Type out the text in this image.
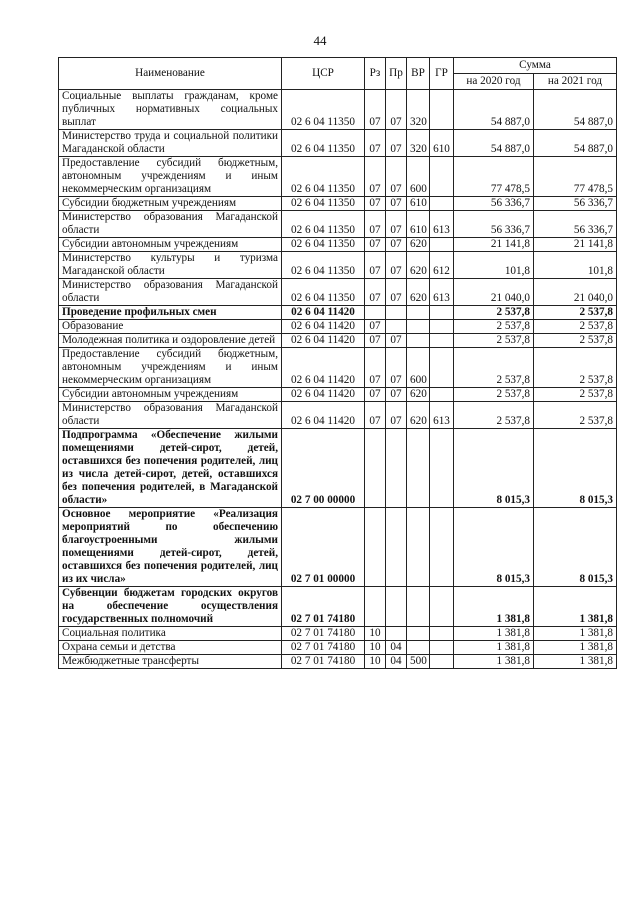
44
Наименование	ЦСР	Рз	Пр	ВР	ГР	Сумма	
						на 2020 год	на 2021 год
Социальные выплаты гражданам, кроме публичных нормативных социальных выплат	02 6 04 11350	07	07	320		54 887,0	54 887,0
Министерство труда и социальной политики Магаданской области	02 6 04 11350	07	07	320	610	54 887,0	54 887,0
Предоставление субсидий бюджетным, автономным учреждениям и иным некоммерческим организациям	02 6 04 11350	07	07	600		77 478,5	77 478,5
Субсидии бюджетным учреждениям	02 6 04 11350	07	07	610		56 336,7	56 336,7
Министерство образования Магаданской области	02 6 04 11350	07	07	610	613	56 336,7	56 336,7
Субсидии автономным учреждениям	02 6 04 11350	07	07	620		21 141,8	21 141,8
Министерство культуры и туризма Магаданской области	02 6 04 11350	07	07	620	612	101,8	101,8
Министерство образования Магаданской области	02 6 04 11350	07	07	620	613	21 040,0	21 040,0
Проведение профильных смен	02 6 04 11420					2 537,8	2 537,8
Образование	02 6 04 11420	07				2 537,8	2 537,8
Молодежная политика и оздоровление детей	02 6 04 11420	07	07			2 537,8	2 537,8
Предоставление субсидий бюджетным, автономным учреждениям и иным некоммерческим организациям	02 6 04 11420	07	07	600		2 537,8	2 537,8
Субсидии автономным учреждениям	02 6 04 11420	07	07	620		2 537,8	2 537,8
Министерство образования Магаданской области	02 6 04 11420	07	07	620	613	2 537,8	2 537,8
Подпрограмма «Обеспечение жилыми помещениями детей-сирот, детей, оставшихся без попечения родителей, лиц из числа детей-сирот, детей, оставшихся без попечения родителей, в Магаданской области»	02 7 00 00000					8 015,3	8 015,3
Основное мероприятие «Реализация мероприятий по обеспечению благоустроенными жилыми помещениями детей-сирот, детей, оставшихся без попечения родителей, лиц из их числа»	02 7 01 00000					8 015,3	8 015,3
Субвенции бюджетам городских округов на обеспечение осуществления государственных полномочий	02 7 01 74180					1 381,8	1 381,8
Социальная политика	02 7 01 74180	10				1 381,8	1 381,8
Охрана семьи и детства	02 7 01 74180	10	04			1 381,8	1 381,8
Межбюджетные трансферты	02 7 01 74180	10	04	500		1 381,8	1 381,8
